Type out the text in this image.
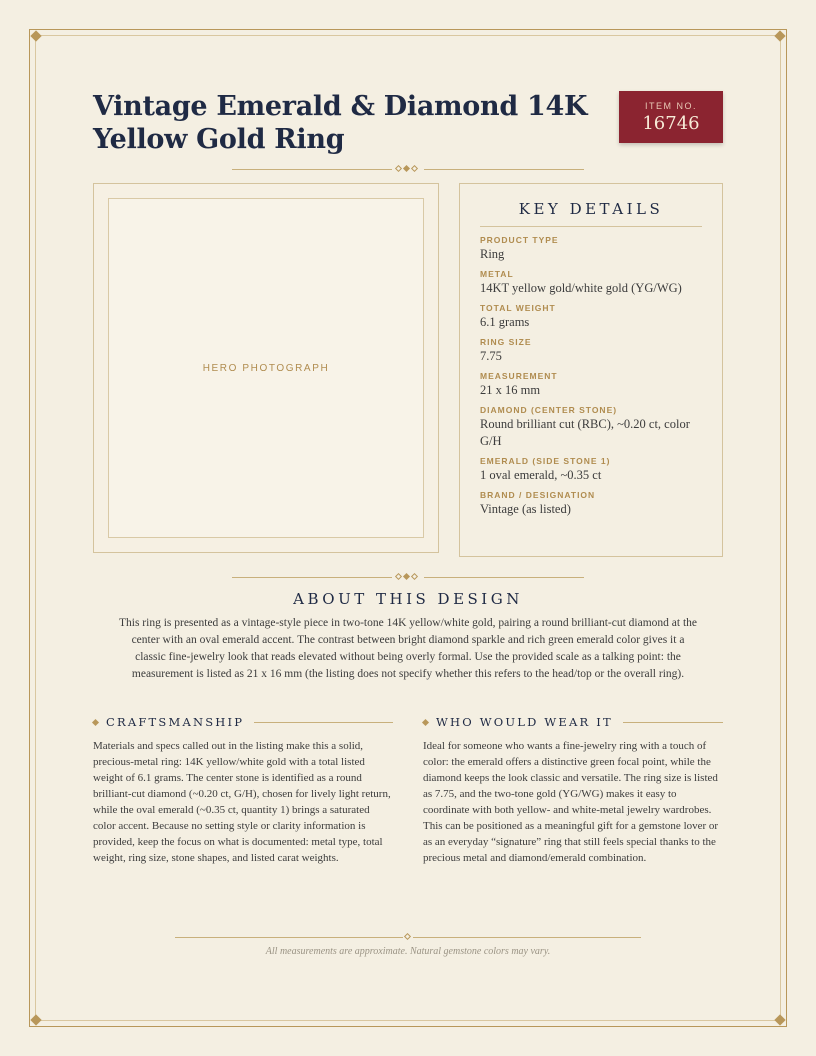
Vintage Emerald & Diamond 14K Yellow Gold Ring
ITEM NO.
16746
HERO PHOTOGRAPH
KEY DETAILS
PRODUCT TYPE
Ring
METAL
14KT yellow gold/white gold (YG/WG)
TOTAL WEIGHT
6.1 grams
RING SIZE
7.75
MEASUREMENT
21 x 16 mm
DIAMOND (CENTER STONE)
Round brilliant cut (RBC), ~0.20 ct, color G/H
EMERALD (SIDE STONE 1)
1 oval emerald, ~0.35 ct
BRAND / DESIGNATION
Vintage (as listed)
ABOUT THIS DESIGN

This ring is presented as a vintage-style piece in two-tone 14K yellow/white gold, pairing a round brilliant-cut diamond at the center with an oval emerald accent. The contrast between bright diamond sparkle and rich green emerald color gives it a classic fine-jewelry look that reads elevated without being overly formal. Use the provided scale as a talking point: the measurement is listed as 21 x 16 mm (the listing does not specify whether this refers to the head/top or the overall ring).

CRAFTSMANSHIP

Materials and specs called out in the listing make this a solid, precious-metal ring: 14K yellow/white gold with a total listed weight of 6.1 grams. The center stone is identified as a round brilliant-cut diamond (~0.20 ct, G/H), chosen for lively light return, while the oval emerald (~0.35 ct, quantity 1) brings a saturated color accent. Because no setting style or clarity information is provided, keep the focus on what is documented: metal type, total weight, ring size, stone shapes, and listed carat weights.

WHO WOULD WEAR IT

Ideal for someone who wants a fine-jewelry ring with a touch of color: the emerald offers a distinctive green focal point, while the diamond keeps the look classic and versatile. The ring size is listed as 7.75, and the two-tone gold (YG/WG) makes it easy to coordinate with both yellow- and white-metal jewelry wardrobes. This can be positioned as a meaningful gift for a gemstone lover or as an everyday “signature” ring that still feels special thanks to the precious metal and diamond/emerald combination.

All measurements are approximate. Natural gemstone colors may vary.
